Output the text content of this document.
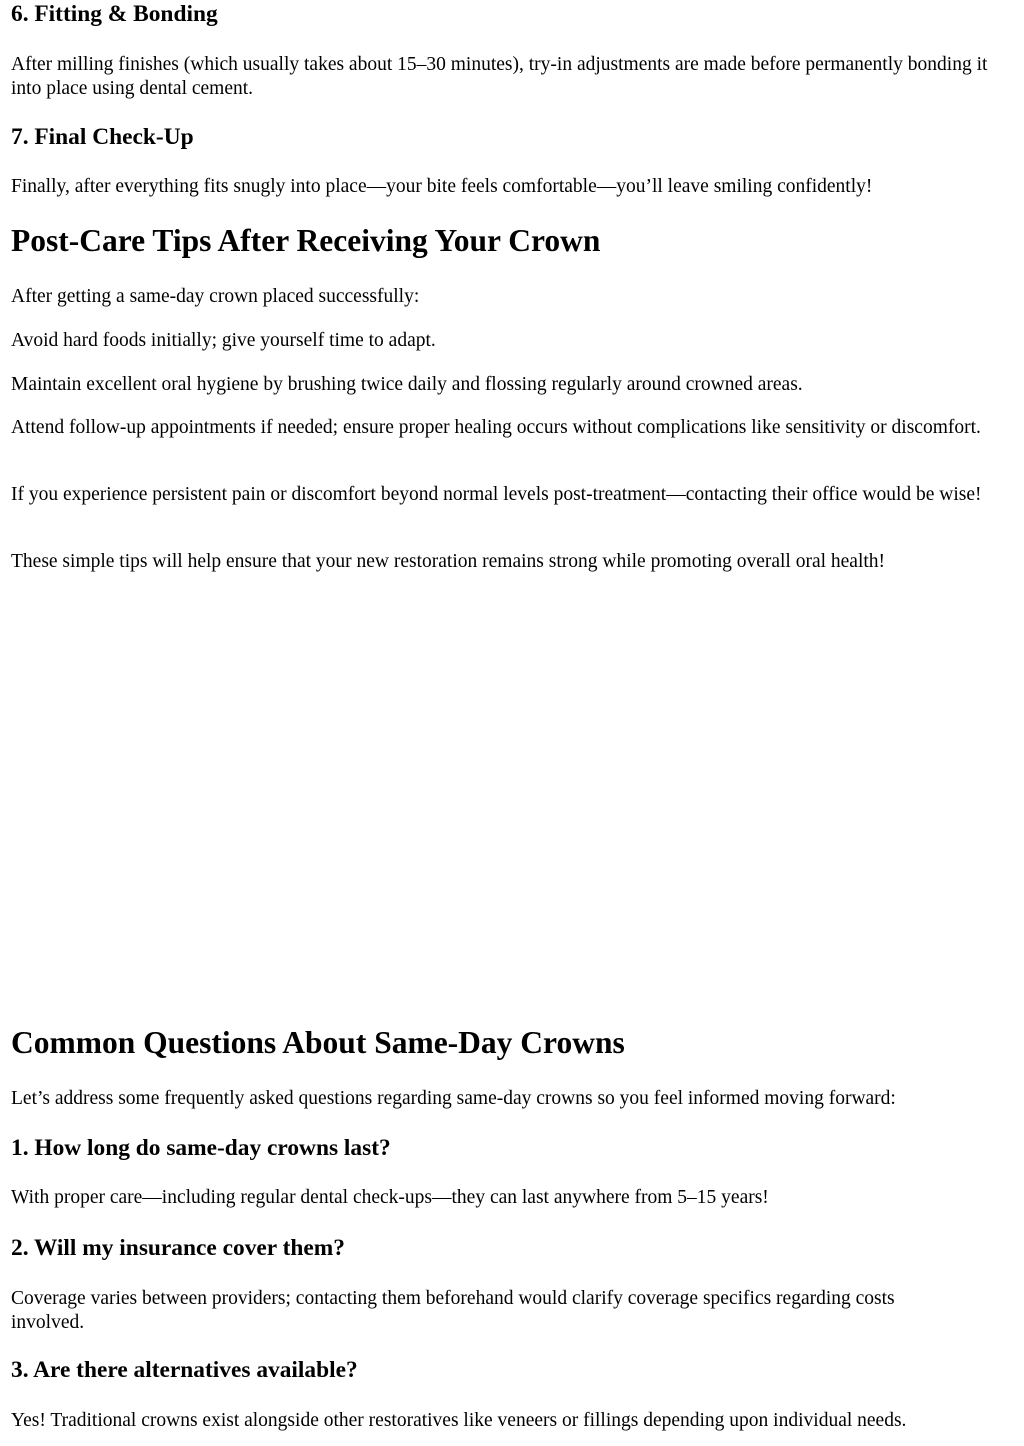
6. Fitting & Bonding

After milling finishes (which usually takes about 15–30 minutes), try-in adjustments are made before permanently bonding it into place using dental cement.

7. Final Check-Up

Finally, after everything fits snugly into place—your bite feels comfortable—you’ll leave smiling confidently!

Post-Care Tips After Receiving Your Crown

After getting a same-day crown placed successfully:

Avoid hard foods initially; give yourself time to adapt.

Maintain excellent oral hygiene by brushing twice daily and flossing regularly around crowned areas.

Attend follow-up appointments if needed; ensure proper healing occurs without complications like sensitivity or discomfort.

If you experience persistent pain or discomfort beyond normal levels post-treatment—contacting their office would be wise!

These simple tips will help ensure that your new restoration remains strong while promoting overall oral health!

Common Questions About Same-Day Crowns

Let’s address some frequently asked questions regarding same-day crowns so you feel informed moving forward:

1. How long do same-day crowns last?

With proper care—including regular dental check-ups—they can last anywhere from 5–15 years!

2. Will my insurance cover them?

Coverage varies between providers; contacting them beforehand would clarify coverage specifics regarding costs involved.

3. Are there alternatives available?

Yes! Traditional crowns exist alongside other restoratives like veneers or fillings depending upon individual needs.
